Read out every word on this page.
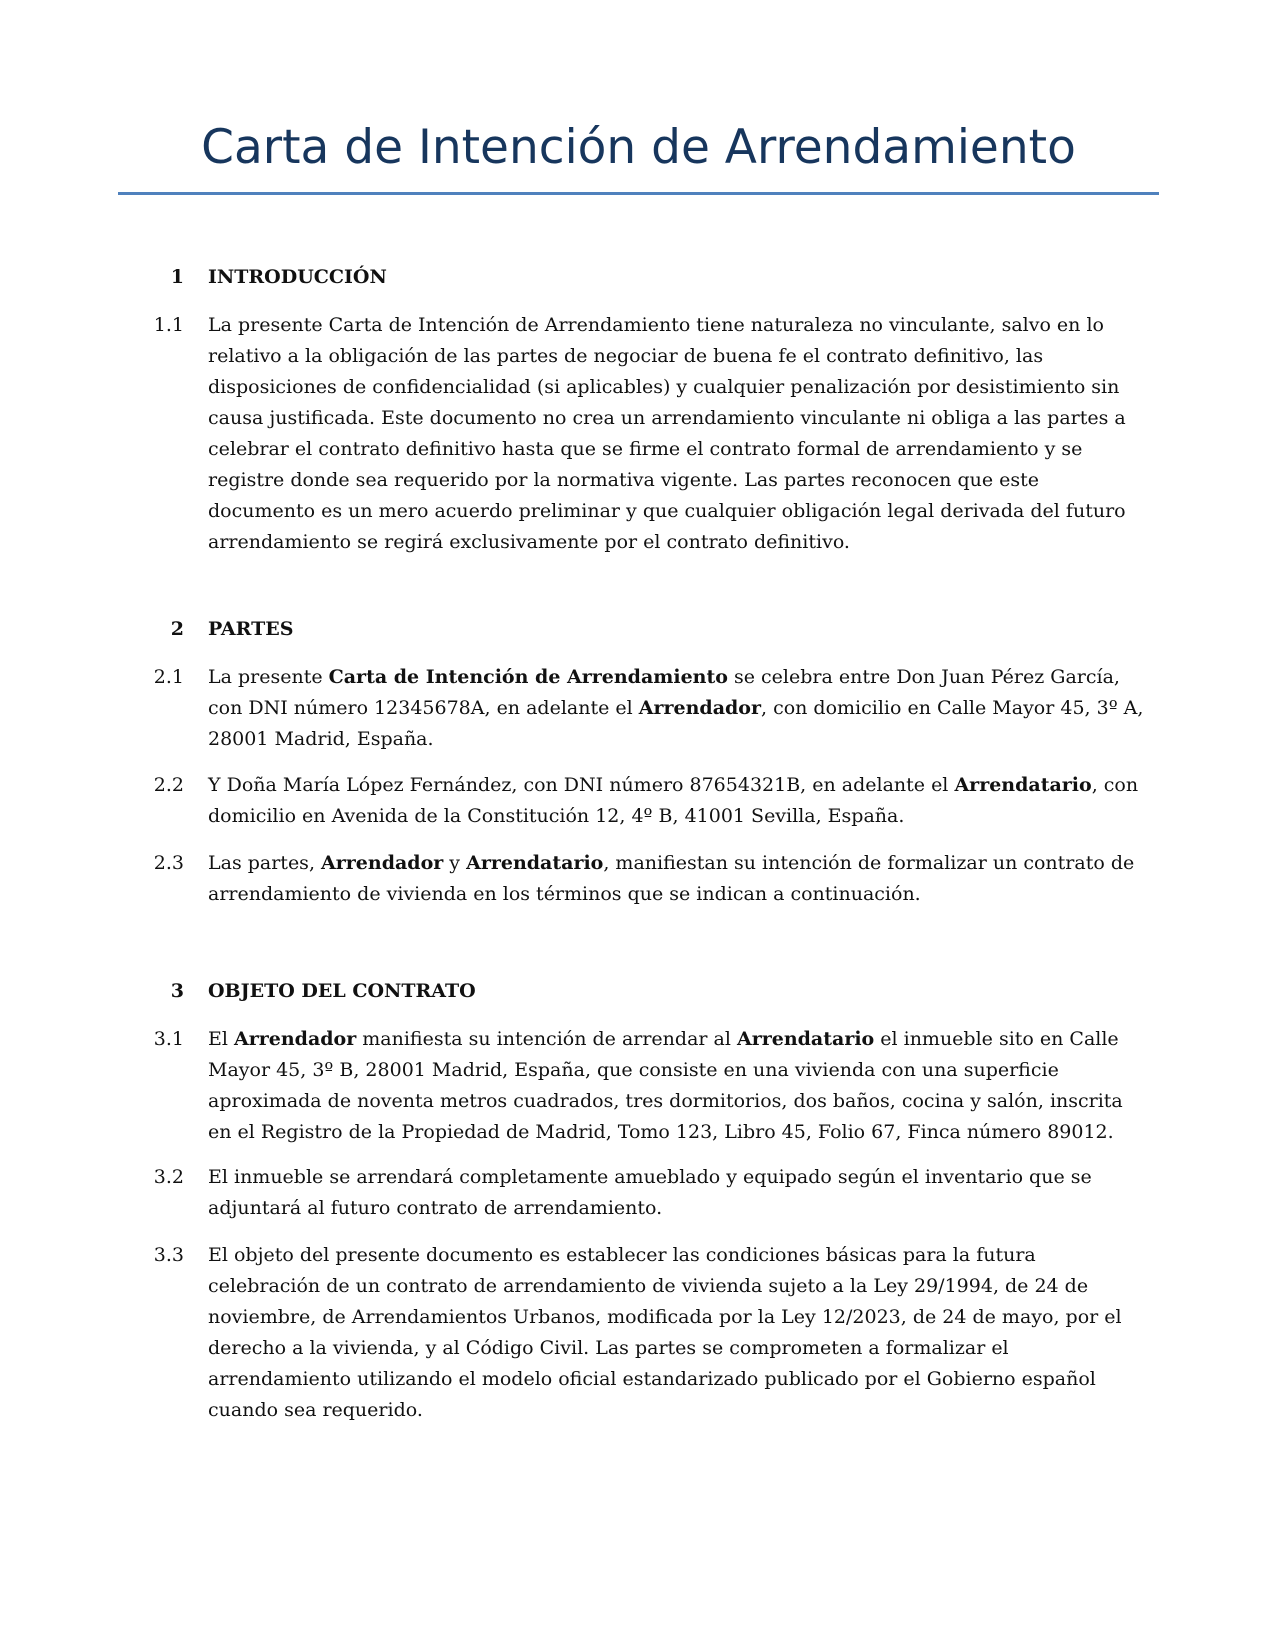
Carta de Intención de Arrendamiento
1 INTRODUCCIÓN
1.1 La presente Carta de Intención de Arrendamiento tiene naturaleza no vinculante, salvo en lo relativo a la obligación de las partes de negociar de buena fe el contrato definitivo, las disposiciones de confidencialidad (si aplicables) y cualquier penalización por desistimiento sin causa justificada. Este documento no crea un arrendamiento vinculante ni obliga a las partes a celebrar el contrato definitivo hasta que se firme el contrato formal de arrendamiento y se registre donde sea requerido por la normativa vigente. Las partes reconocen que este documento es un mero acuerdo preliminar y que cualquier obligación legal derivada del futuro arrendamiento se regirá exclusivamente por el contrato definitivo.
2 PARTES
2.1 La presente Carta de Intención de Arrendamiento se celebra entre Don Juan Pérez García, con DNI número 12345678A, en adelante el Arrendador, con domicilio en Calle Mayor 45, 3º A, 28001 Madrid, España.
2.2 Y Doña María López Fernández, con DNI número 87654321B, en adelante el Arrendatario, con domicilio en Avenida de la Constitución 12, 4º B, 41001 Sevilla, España.
2.3 Las partes, Arrendador y Arrendatario, manifiestan su intención de formalizar un contrato de arrendamiento de vivienda en los términos que se indican a continuación.
3 OBJETO DEL CONTRATO
3.1 El Arrendador manifiesta su intención de arrendar al Arrendatario el inmueble sito en Calle Mayor 45, 3º B, 28001 Madrid, España, que consiste en una vivienda con una superficie aproximada de noventa metros cuadrados, tres dormitorios, dos baños, cocina y salón, inscrita en el Registro de la Propiedad de Madrid, Tomo 123, Libro 45, Folio 67, Finca número 89012.
3.2 El inmueble se arrendará completamente amueblado y equipado según el inventario que se adjuntará al futuro contrato de arrendamiento.
3.3 El objeto del presente documento es establecer las condiciones básicas para la futura celebración de un contrato de arrendamiento de vivienda sujeto a la Ley 29/1994, de 24 de noviembre, de Arrendamientos Urbanos, modificada por la Ley 12/2023, de 24 de mayo, por el derecho a la vivienda, y al Código Civil. Las partes se comprometen a formalizar el arrendamiento utilizando el modelo oficial estandarizado publicado por el Gobierno español cuando sea requerido.
